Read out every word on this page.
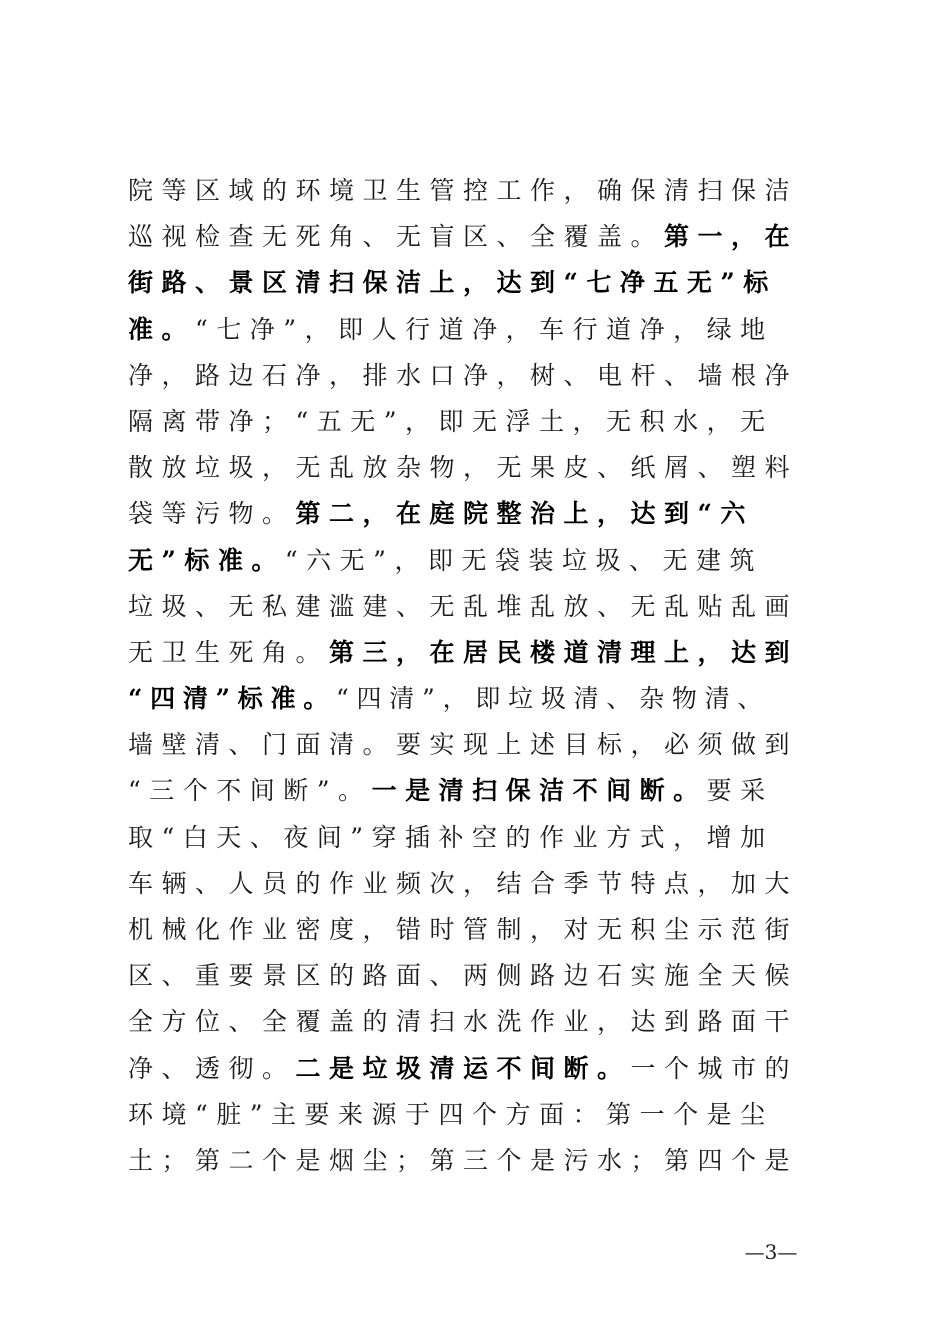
院等区域的环境卫生管控工作，确保清扫保洁
巡视检查无死角、无盲区、全覆盖。第一，在
街路、景区清扫保洁上，达到“七净五无”标
准。“七净”，即人行道净，车行道净，绿地
净，路边石净，排水口净，树、电杆、墙根净
隔离带净；“五无”，即无浮土，无积水，无
散放垃圾，无乱放杂物，无果皮、纸屑、塑料
袋等污物。第二，在庭院整治上，达到“六
无”标准。“六无”，即无袋装垃圾、无建筑
垃圾、无私建滥建、无乱堆乱放、无乱贴乱画
无卫生死角。第三，在居民楼道清理上，达到
“四清”标准。“四清”，即垃圾清、杂物清、
墙壁清、门面清。要实现上述目标，必须做到
“三个不间断”。一是清扫保洁不间断。要采
取“白天、夜间”穿插补空的作业方式，增加
车辆、人员的作业频次，结合季节特点，加大
机械化作业密度，错时管制，对无积尘示范街
区、重要景区的路面、两侧路边石实施全天候
全方位、全覆盖的清扫水洗作业，达到路面干
净、透彻。二是垃圾清运不间断。一个城市的
环境“脏”主要来源于四个方面：第一个是尘
土；第二个是烟尘；第三个是污水；第四个是
—3—
